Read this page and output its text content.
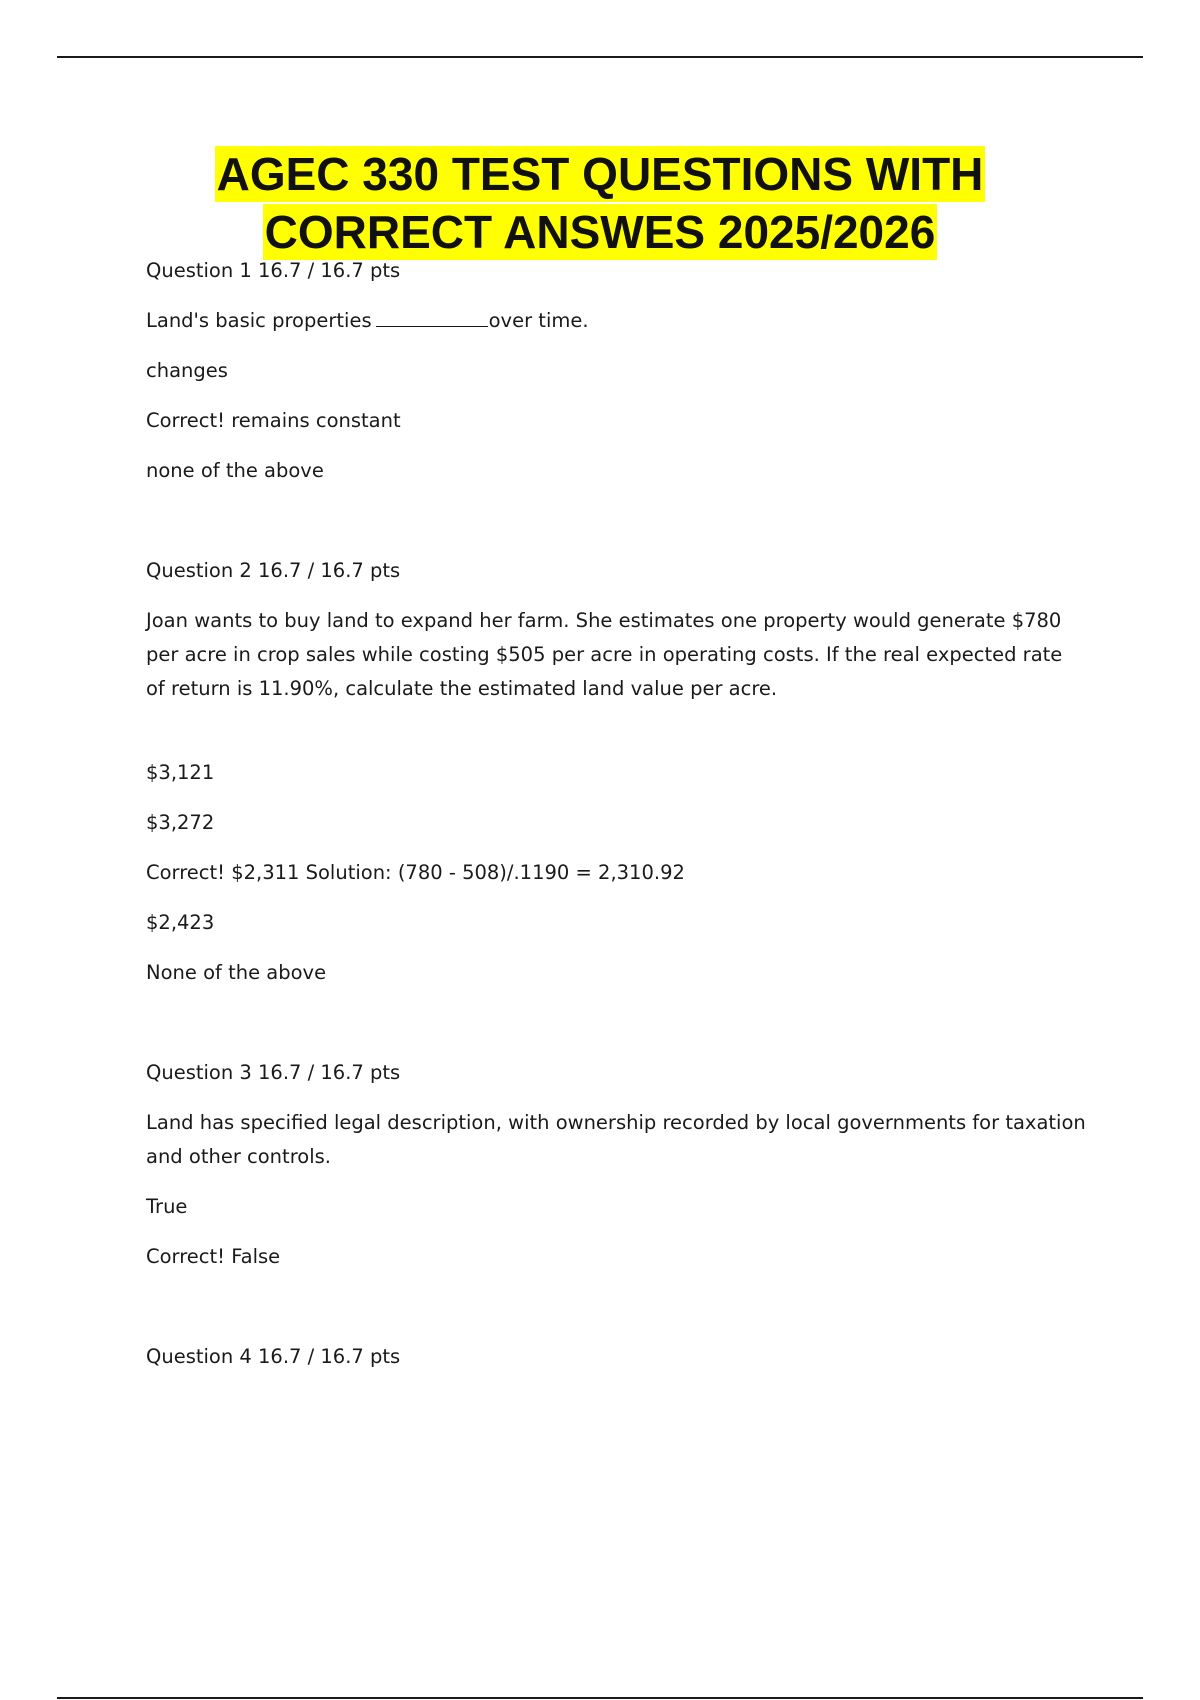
AGEC 330 TEST QUESTIONS WITH
CORRECT ANSWES 2025/2026

Question 1 16.7 / 16.7 pts

Land's basic properties	over time.

changes

Correct! remains constant

none of the above

Question 2 16.7 / 16.7 pts

Joan wants to buy land to expand her farm. She estimates one property would generate $780 per acre in crop sales while costing $505 per acre in operating costs. If the real expected rate of return is 11.90%, calculate the estimated land value per acre.

$3,121

$3,272

Correct! $2,311 Solution: (780 - 508)/.1190 = 2,310.92

$2,423

None of the above

Question 3 16.7 / 16.7 pts

Land has specified legal description, with ownership recorded by local governments for taxation and other controls.

True

Correct! False

Question 4 16.7 / 16.7 pts
